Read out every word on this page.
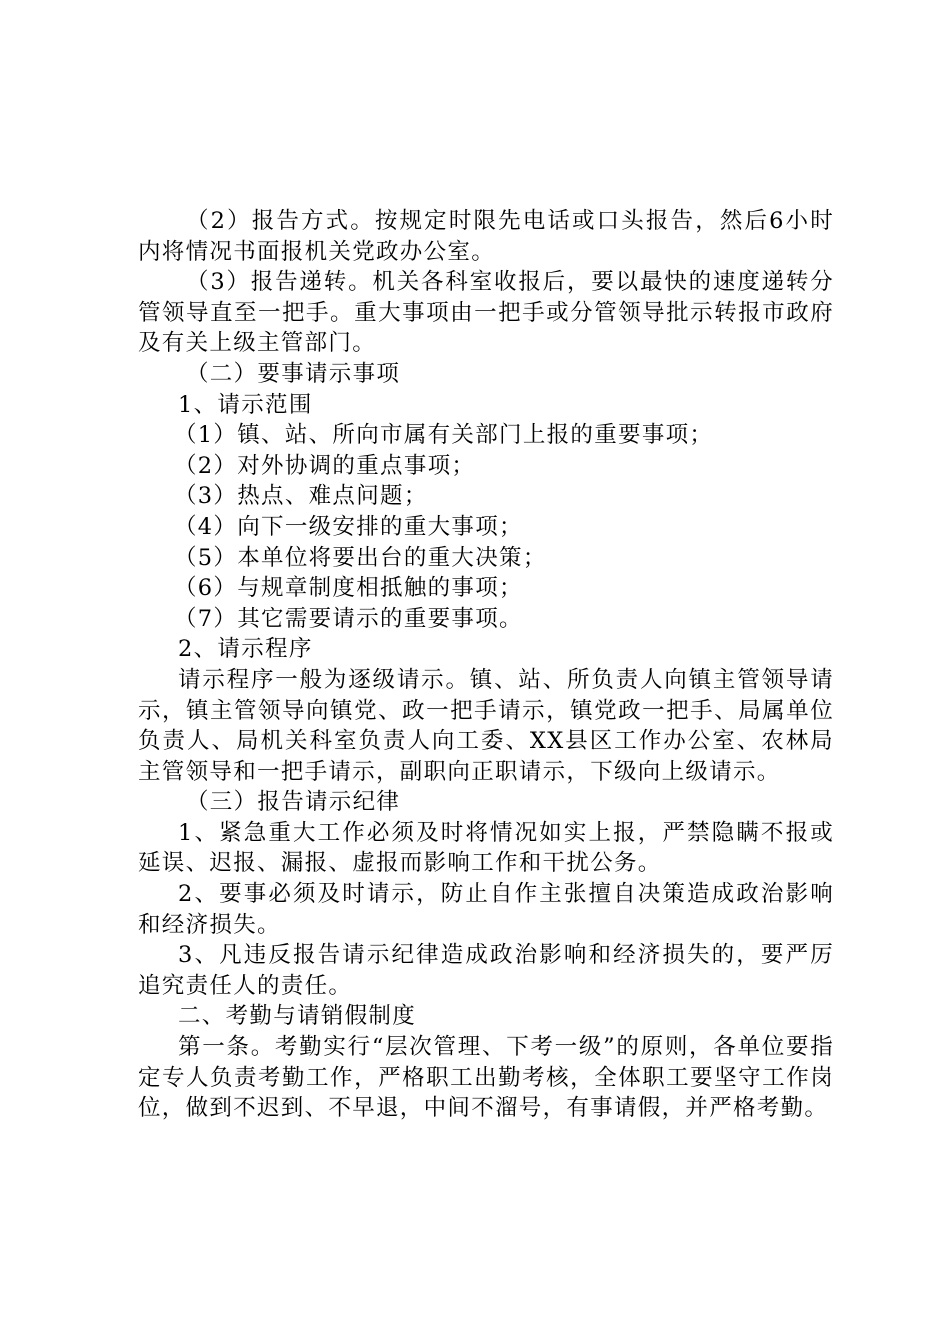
（2）报告方式。按规定时限先电话或口头报告，然后6小时内将情况书面报机关党政办公室。

（3）报告递转。机关各科室收报后，要以最快的速度递转分管领导直至一把手。重大事项由一把手或分管领导批示转报市政府及有关上级主管部门。

（二）要事请示事项

1、请示范围

（1）镇、站、所向市属有关部门上报的重要事项；

（2）对外协调的重点事项；

（3）热点、难点问题；

（4）向下一级安排的重大事项；

（5）本单位将要出台的重大决策；

（6）与规章制度相抵触的事项；

（7）其它需要请示的重要事项。

2、请示程序

请示程序一般为逐级请示。镇、站、所负责人向镇主管领导请示，镇主管领导向镇党、政一把手请示，镇党政一把手、局属单位负责人、局机关科室负责人向工委、XX县区工作办公室、农林局主管领导和一把手请示，副职向正职请示，下级向上级请示。

（三）报告请示纪律

1、紧急重大工作必须及时将情况如实上报，严禁隐瞒不报或延误、迟报、漏报、虚报而影响工作和干扰公务。

2、要事必须及时请示，防止自作主张擅自决策造成政治影响和经济损失。

3、凡违反报告请示纪律造成政治影响和经济损失的，要严厉追究责任人的责任。

二、考勤与请销假制度

第一条。考勤实行“层次管理、下考一级”的原则，各单位要指定专人负责考勤工作，严格职工出勤考核，全体职工要坚守工作岗位，做到不迟到、不早退，中间不溜号，有事请假，并严格考勤。
